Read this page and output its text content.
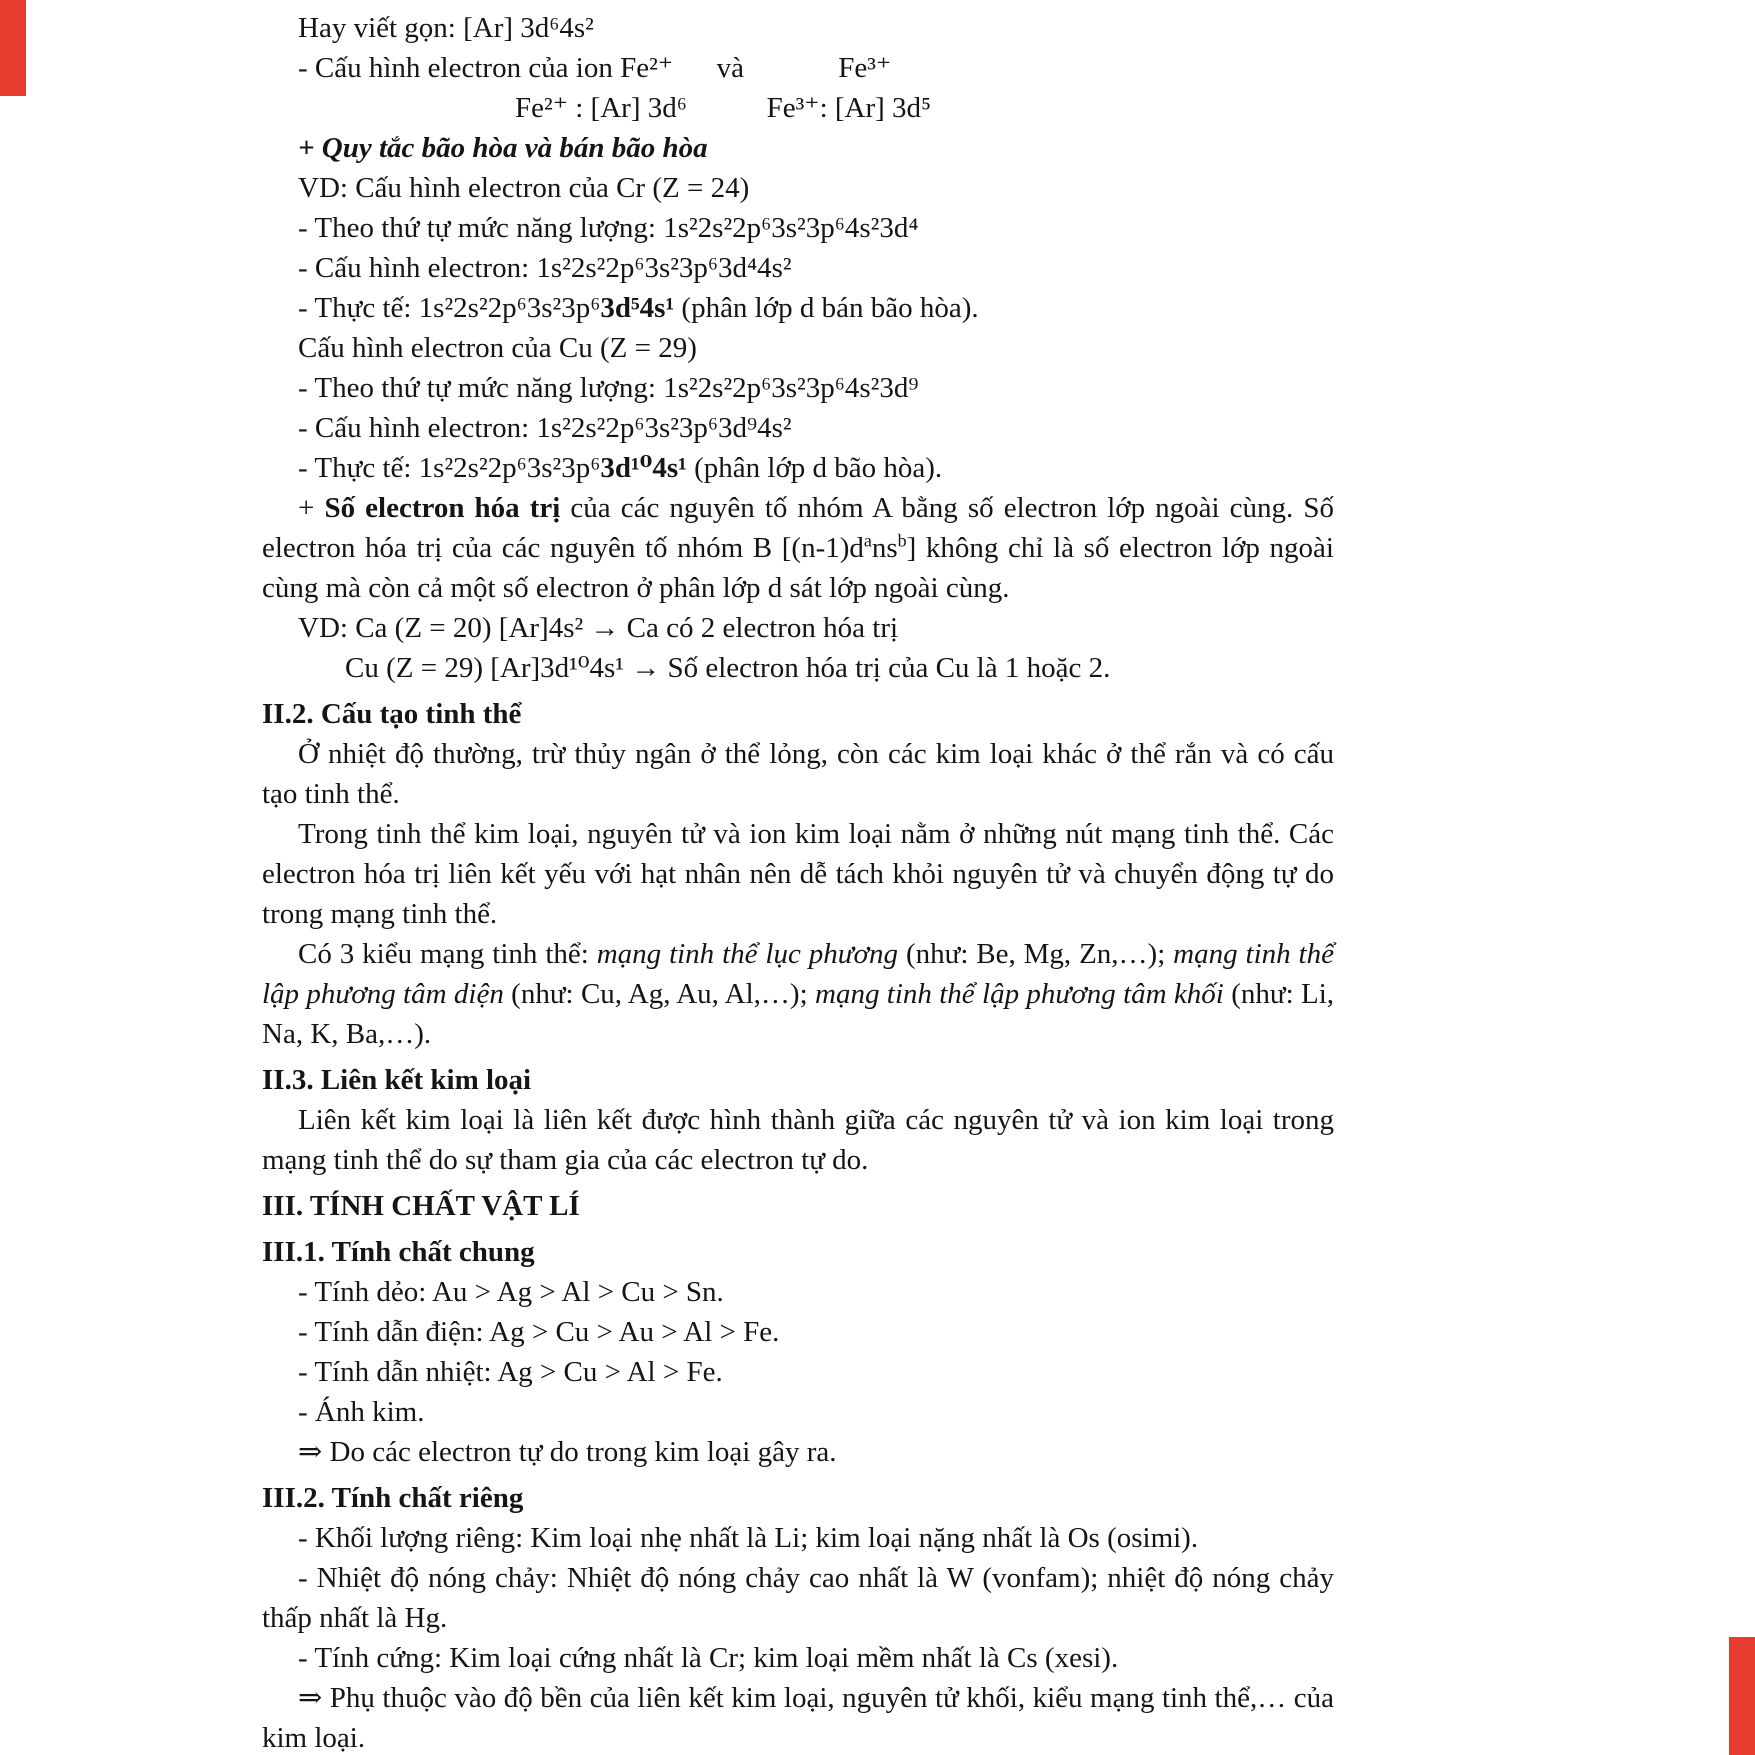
Hay viết gọn: [Ar] 3d⁶4s²

- Cấu hình electron của ion Fe²⁺      và             Fe³⁺

Fe²⁺ : [Ar] 3d⁶           Fe³⁺: [Ar] 3d⁵

+ Quy tắc bão hòa và bán bão hòa

VD: Cấu hình electron của Cr (Z = 24)

- Theo thứ tự mức năng lượng: 1s²2s²2p⁶3s²3p⁶4s²3d⁴

- Cấu hình electron: 1s²2s²2p⁶3s²3p⁶3d⁴4s²

- Thực tế: 1s²2s²2p⁶3s²3p⁶3d⁵4s¹ (phân lớp d bán bão hòa).

Cấu hình electron của Cu (Z = 29)

- Theo thứ tự mức năng lượng: 1s²2s²2p⁶3s²3p⁶4s²3d⁹

- Cấu hình electron: 1s²2s²2p⁶3s²3p⁶3d⁹4s²

- Thực tế: 1s²2s²2p⁶3s²3p⁶3d¹⁰4s¹ (phân lớp d bão hòa).

+ Số electron hóa trị của các nguyên tố nhóm A bằng số electron lớp ngoài cùng. Số electron hóa trị của các nguyên tố nhóm B $[(n-1)d^ans^b]$ không chỉ là số electron lớp ngoài cùng mà còn cả một số electron ở phân lớp d sát lớp ngoài cùng.

VD: Ca (Z = 20) [Ar]4s² → Ca có 2 electron hóa trị

Cu (Z = 29) [Ar]3d¹⁰4s¹ → Số electron hóa trị của Cu là 1 hoặc 2.

II.2. Cấu tạo tinh thể

Ở nhiệt độ thường, trừ thủy ngân ở thể lỏng, còn các kim loại khác ở thể rắn và có cấu tạo tinh thể.

Trong tinh thể kim loại, nguyên tử và ion kim loại nằm ở những nút mạng tinh thể. Các electron hóa trị liên kết yếu với hạt nhân nên dễ tách khỏi nguyên tử và chuyển động tự do trong mạng tinh thể.

Có 3 kiểu mạng tinh thể: mạng tinh thể lục phương (như: Be, Mg, Zn,…); mạng tinh thể lập phương tâm diện (như: Cu, Ag, Au, Al,…); mạng tinh thể lập phương tâm khối (như: Li, Na, K, Ba,…).

II.3. Liên kết kim loại

Liên kết kim loại là liên kết được hình thành giữa các nguyên tử và ion kim loại trong mạng tinh thể do sự tham gia của các electron tự do.

III. TÍNH CHẤT VẬT LÍ
III.1. Tính chất chung

- Tính dẻo: Au > Ag > Al > Cu > Sn.

- Tính dẫn điện: Ag > Cu > Au > Al > Fe.

- Tính dẫn nhiệt: Ag > Cu > Al > Fe.

- Ánh kim.

⇒ Do các electron tự do trong kim loại gây ra.

III.2. Tính chất riêng

- Khối lượng riêng: Kim loại nhẹ nhất là Li; kim loại nặng nhất là Os (osimi).

- Nhiệt độ nóng chảy: Nhiệt độ nóng chảy cao nhất là W (vonfam); nhiệt độ nóng chảy thấp nhất là Hg.

- Tính cứng: Kim loại cứng nhất là Cr; kim loại mềm nhất là Cs (xesi).

⇒ Phụ thuộc vào độ bền của liên kết kim loại, nguyên tử khối, kiểu mạng tinh thể,… của kim loại.
